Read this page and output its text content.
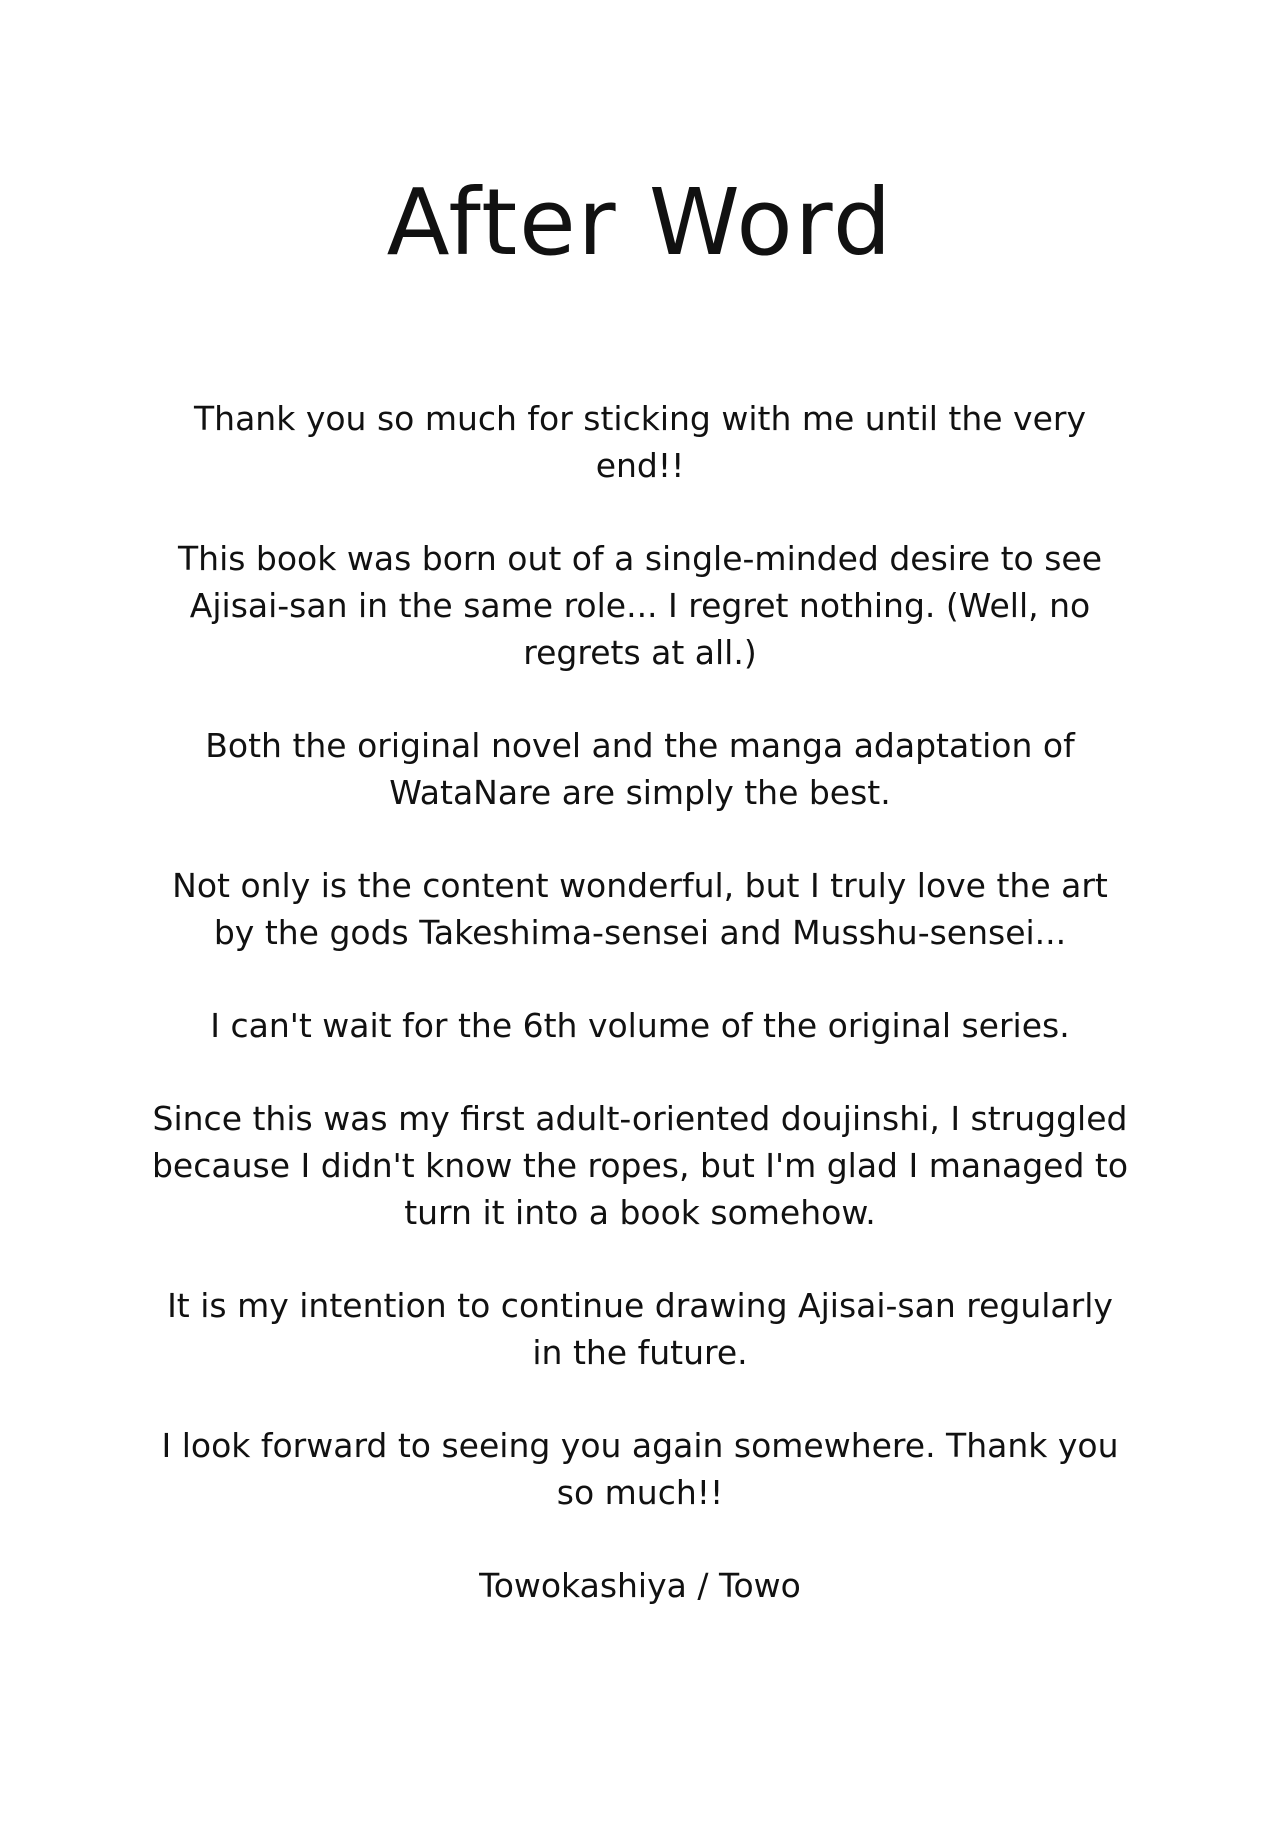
After Word

Thank you so much for sticking with me until the very end!!

This book was born out of a single-minded desire to see Ajisai-san in the same role... I regret nothing. (Well, no regrets at all.)

Both the original novel and the manga adaptation of WataNare are simply the best.

Not only is the content wonderful, but I truly love the art by the gods Takeshima-sensei and Musshu-sensei...

I can't wait for the 6th volume of the original series.

Since this was my first adult-oriented doujinshi, I struggled because I didn't know the ropes, but I'm glad I managed to turn it into a book somehow.

It is my intention to continue drawing Ajisai-san regularly in the future.

I look forward to seeing you again somewhere. Thank you so much!!

Towokashiya / Towo
